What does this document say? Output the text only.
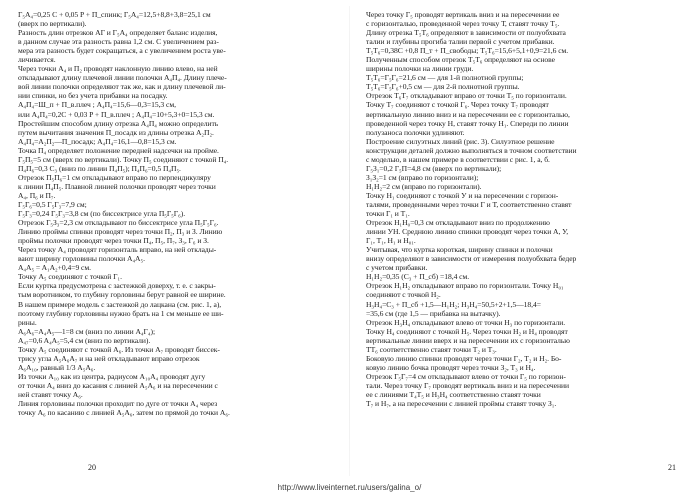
Г₅A₄=0,25 C + 0,05 P + П_спинк; Г₅A₄=12,5+8,8+3,8=25,1 см
(вверх по вертикали).
Разность длин отрезков АГ и Г₅A₄ определяет баланс изделия,
в данном случае эта разность равна 1,2 см. С увеличением раз-
мера эта разность будет сокращаться, а с увеличением роста уве-
личивается.
Через точки A₄ и П₂ проводят наклонную линию влево, на ней
откладывают длину плечевой линии полочки A₄П₄. Длину плече-
вой линии полочки определяют так же, как и длину плечевой ли-
нии спинки, но без учета прибавки на посадку.
A₄П₄=Ш_п + П_в.плеч ; A₄П₄=15,6—0,3=15,3 см,
или A₄П₄=0,2C + 0,03 P + П_в.плеч ; A₄П₄=10+5,3+0=15,3 см.
Простейшим способом длину отрезка A₄П₄ можно определить
путем вычитания значения П_посадк из длины отрезка A₂П₂.
A₄П₄=A₂П₂—П_посадк; A₄П₄=16,1—0,8=15,3 см.
Точка П₄ определяет положение передней надсечки на пройме.
Г₅П₅=5 см (вверх по вертикали). Точку П₅ соединяют с точкой П₄.
П₄П₆=0,3 C₃ (вниз по линии П₄П₅); П₄П₆=0,5 П₄П₅.
Отрезок П₅П₆=1 см откладывают вправо по перпендикуляру
к линии П₄П₅. Плавной линией полочки проводят через точки
A₄, П₆ и П₇.
Г₅Г₆=0,5 Г₅Г₃=7,9 см;
Г₅Г₃=0,24 Г₅Г₃=3,8 см (по биссектрисе угла П₅Г₅Г₆).
Отрезок Г₅З₃=2,3 см откладывают по биссектрисе угла П₅Г₅Г₆.
Линию проймы спинки проводят через точки П₂, П₃ и З. Линию
проймы полочки проводят через точки П₄, П₅, П₇, З₃, Г₆ и З.
Через точку A₄ проводят горизонталь вправо, на ней отклады-
вают ширину горловины полочки A₄A₅.
A₄A₅ = A₁A₂+0,4=9 см.
Точку A₅ соединяют с точкой Г₁.
Если куртка предусмотрена с застежкой доверху, т. е. с закры-
тым воротником, то глубину горловины берут равной ее ширине.
В нашем примере модель с застежкой до лацкана (см. рис. 1, а),
поэтому глубину горловины нужно брать на 1 см меньше ее ши-
рины.
A₆A₆=A₄A₅—1=8 см (вниз по линии A₄Г₄);
A₄₇=0,6 A₄A₅=5,4 см (вниз по вертикали).
Точку A₅ соединяют с точкой A₆. Из точки A₇ проводят биссек-
трису угла A₅A₆A₇ и на ней откладывают вправо отрезок
A₆A₁₀, равный 1/3 A₅A₆.
Из точки A₁₀ как из центра, радиусом A₁₀A₄ проводят дугу
от точки A₄ вниз до касания с линией A₅A₆ и на пересечении с
ней ставят точку A₆.
Линия горловины полочки проходит по дуге от точки A₄ через
точку A₆ по касанию с линией A₅A₆, затем по прямой до точки A₆.
20
Через точку Г₅ проводят вертикаль вниз и на пересечении ее
с горизонталью, проведенной через точку Т, ставят точку Т₅.
Длину отрезка Т₅Т₆ определяют в зависимости от полуобхвата
талии и глубины прогиба талии первой с учетом прибавки.
Т₅Т₆=0,38С +0,8 П_т + П_свободы; Т₅Т₆=15,6+5,1+0,9=21,6 см.
Полученным способом отрезок Т₅Т₆ определяют на основе
ширины полочки на линии груди.
Т₅Т₆=Г₅Г₆=21,6 см — для 1-й полнотной группы;
Т₅Т₆=Г₅Г₆+0,5 см — для 2-й полнотной группы.
Отрезок Т₆Т₇ откладывают вправо от точки Т₅ по горизонтали.
Точку Т₇ соединяют с точкой Г₆. Через точку Т₇ проводят
вертикальную линию вниз и на пересечении ее с горизонталью,
проведенной через точку Н, ставят точку Н₁. Спереди по линии
полузаноса полочки удлиняют.
Построение силуэтных линий (рис. 3). Силуэтное решение
конструкции деталей должно выполняться в точном соответствии
с моделью, в нашем примере в соответствии с рис. 1, а, б.
Г₅З₁=0,2 Г₅П=4,8 см (вверх по вертикали);
З₁З₂=1 см (вправо по горизонтали);
Н₁Н₂=2 см (вправо по горизонтали).
Точку Н₁ соединяют с точкой У и на пересечении с горизон-
талями, проведенными через точки Г и Т, соответственно ставят
точки Г₁ и Т₁.
Отрезок Н₁Н₀=0,3 см откладывают вниз по продолжению
линии УН. Среднюю линию спинки проводят через точки А, У,
Г₁, Т₁, Н₁ и Н₀₁.
Учитывая, что куртка короткая, ширину спинки и полочки
внизу определяют в зависимости от измерения полуобхвата бедер
с учетом прибавки.
Н₁Н₂=0,35 (С₃ + П_сб) =18,4 см.
Отрезок Н₁Н₂ откладывают вправо по горизонтали. Точку Н₀₁
соединяют с точкой Н₂.
Н₃Н₄=С₃ + П_сб +1,5—Н₁Н₂; Н₃Н₄=50,5+2+1,5—18,4=
=35,6 см (где 1,5 — прибавка на вытачку).
Отрезок Н₃Н₄ откладывают влево от точки Н₃ по горизонтали.
Точку Н₄ соединяют с точкой Н₅. Через точки Н₂ и Н₄ проводят
вертикальные линии вверх и на пересечении их с горизонталью
ТТ₆ соответственно ставят точки Т₂ и Т₃.
Боковую линию спинки проводят через точки Г₂, Т₂ и Н₂. Бо-
ковую линию бочка проводят через точки З₂, Т₃ и Н₄.
Отрезок Г₅Г₇=4 см откладывают влево от точки Г₅ по горизон-
тали. Через точку Г₇ проводят вертикаль вниз и на пересечении
ее с линиями Т₄Т₅ и Н₃Н₄ соответственно ставят точки
Т₇ и Н₇, а на пересечении с линией проймы ставят точку З₁.
21
http://www.liveinternet.ru/users/galina_o/
